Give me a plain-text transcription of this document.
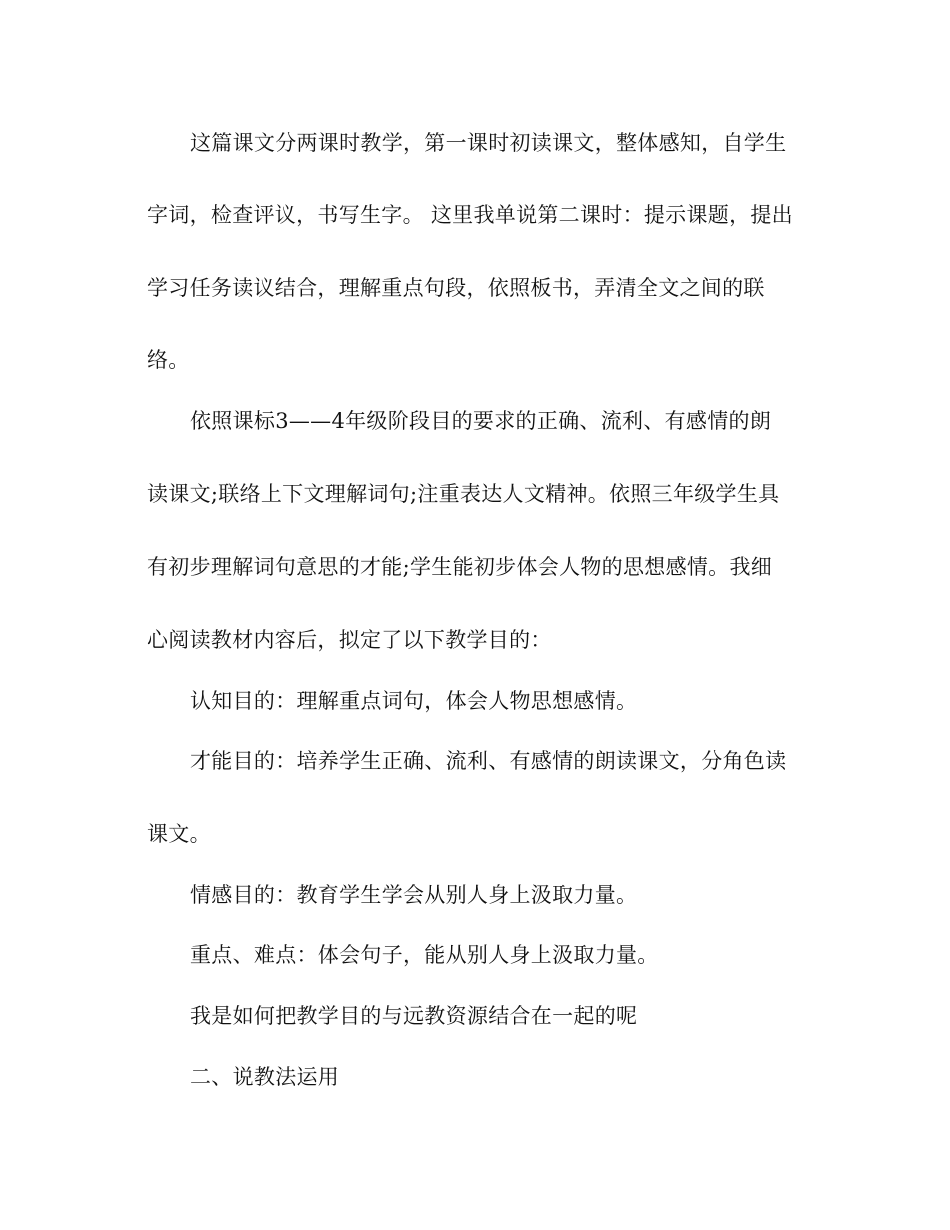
这篇课文分两课时教学，第一课时初读课文，整体感知，自学生

字词，检查评议，书写生字。 这里我单说第二课时：提示课题，提出

学习任务读议结合，理解重点句段，依照板书，弄清全文之间的联

络。

依照课标3——4年级阶段目的要求的正确、流利、有感情的朗

读课文;联络上下文理解词句;注重表达人文精神。依照三年级学生具

有初步理解词句意思的才能;学生能初步体会人物的思想感情。我细

心阅读教材内容后，拟定了以下教学目的：

认知目的：理解重点词句，体会人物思想感情。

才能目的：培养学生正确、流利、有感情的朗读课文，分角色读

课文。

情感目的：教育学生学会从别人身上汲取力量。

重点、难点：体会句子，能从别人身上汲取力量。

我是如何把教学目的与远教资源结合在一起的呢

二、说教法运用
